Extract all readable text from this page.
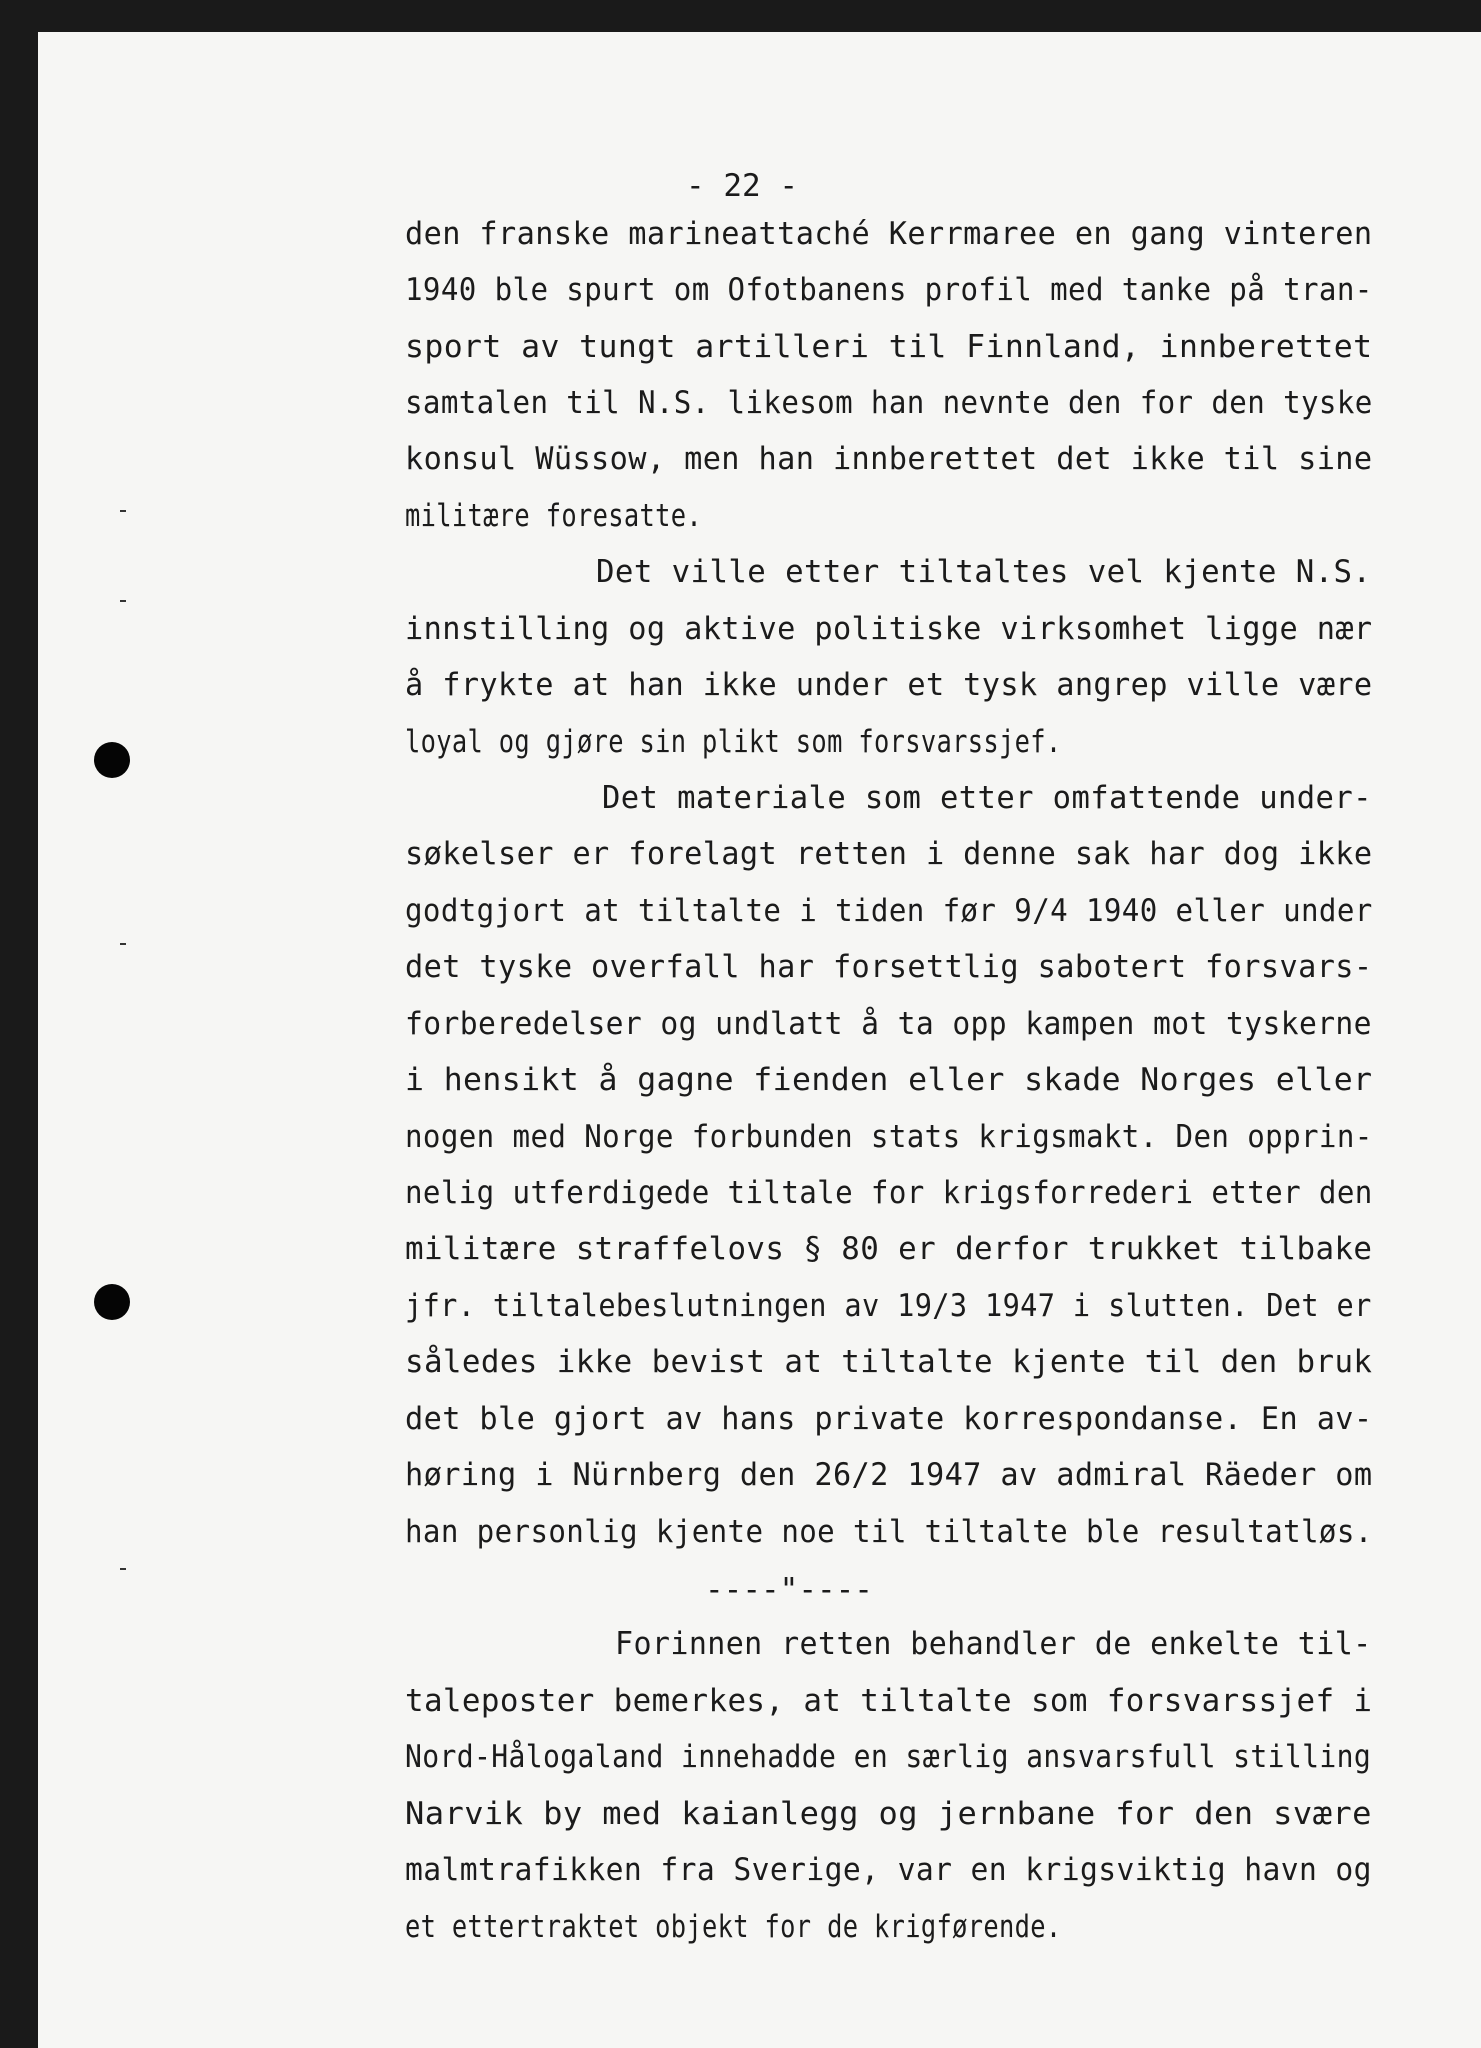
- 22 -
den franske marineattaché Kerrmaree en gang vinteren
1940 ble spurt om Ofotbanens profil med tanke på tran-
sport av tungt artilleri til Finnland, innberettet
samtalen til N.S. likesom han nevnte den for den tyske
konsul Wüssow, men han innberettet det ikke til sine
militære foresatte.
Det ville etter tiltaltes vel kjente N.S.
innstilling og aktive politiske virksomhet ligge nær
å frykte at han ikke under et tysk angrep ville være
loyal og gjøre sin plikt som forsvarssjef.
Det materiale som etter omfattende under-
søkelser er forelagt retten i denne sak har dog ikke
godtgjort at tiltalte i tiden før 9/4 1940 eller under
det tyske overfall har forsettlig sabotert forsvars-
forberedelser og undlatt å ta opp kampen mot tyskerne
i hensikt å gagne fienden eller skade Norges eller
nogen med Norge forbunden stats krigsmakt. Den opprin-
nelig utferdigede tiltale for krigsforrederi etter den
militære straffelovs § 80 er derfor trukket tilbake
jfr. tiltalebeslutningen av 19/3 1947 i slutten. Det er
således ikke bevist at tiltalte kjente til den bruk
det ble gjort av hans private korrespondanse. En av-
høring i Nürnberg den 26/2 1947 av admiral Räeder om
han personlig kjente noe til tiltalte ble resultatløs.
----"----
Forinnen retten behandler de enkelte til-
taleposter bemerkes, at tiltalte som forsvarssjef i
Nord-Hålogaland innehadde en særlig ansvarsfull stilling
Narvik by med kaianlegg og jernbane for den svære
malmtrafikken fra Sverige, var en krigsviktig havn og
et ettertraktet objekt for de krigførende.
